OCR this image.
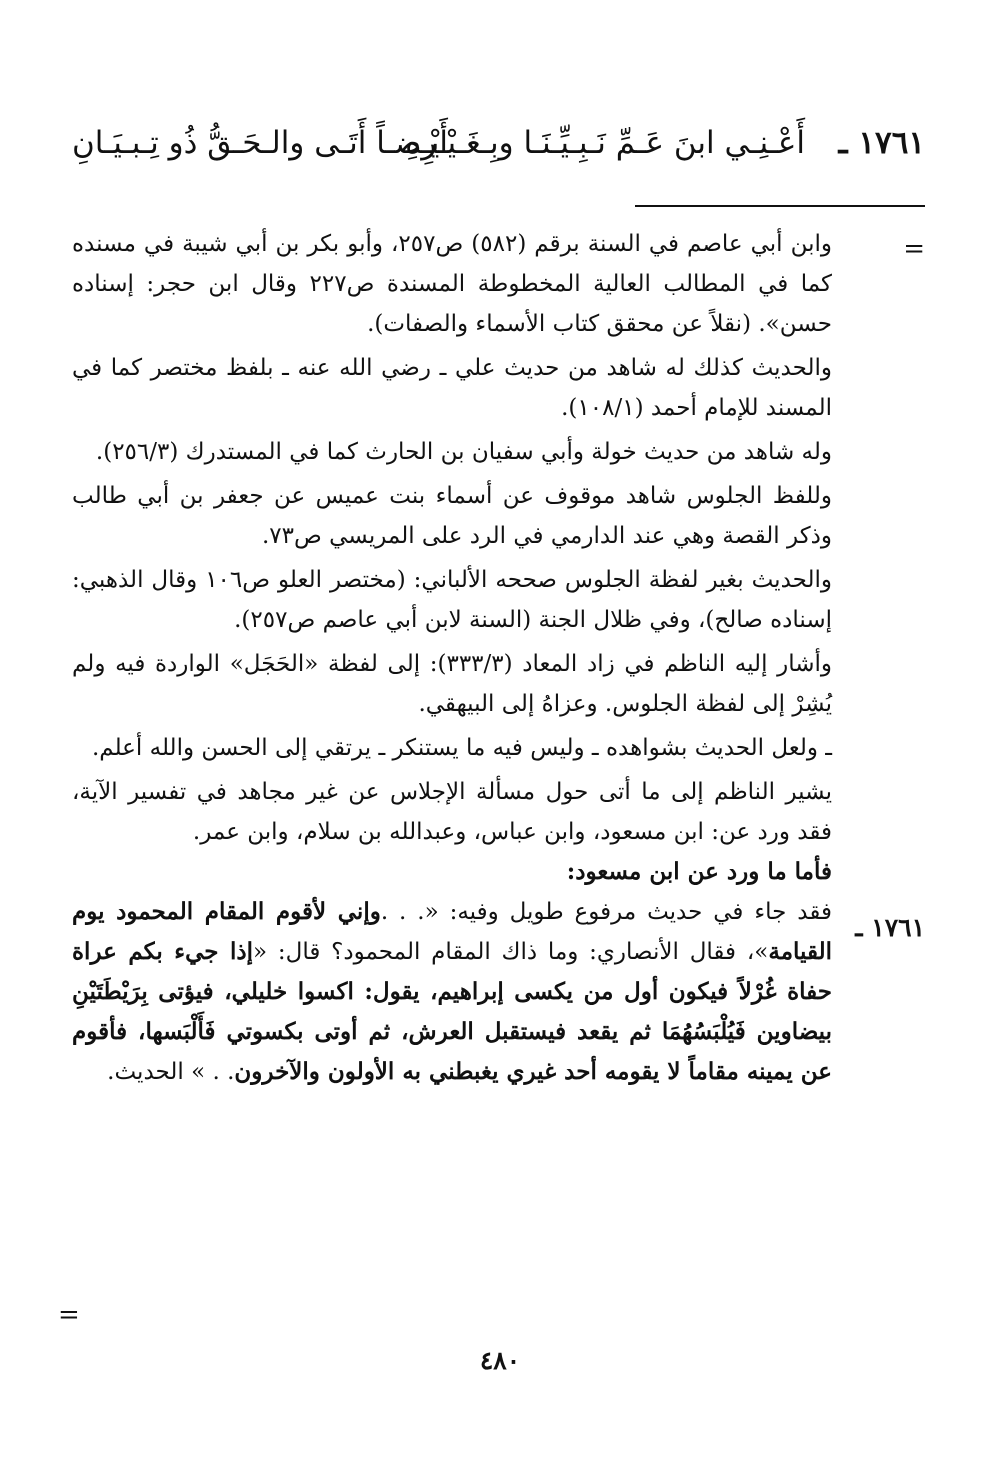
١٧٦١ ـ
أَعْـنِـي ابنَ عَـمِّ نَـبِـيِّـنَـا وبِـغَـيْـرِهِ
أَيْـضـاً أَتَـى والـحَـقُّ ذُو تِـبـيَـانِ
=

وابن أبي عاصم في السنة برقم (٥٨٢) ص٢٥٧، وأبو بكر بن أبي شيبة في مسنده كما في المطالب العالية المخطوطة المسندة ص٢٢٧ وقال ابن حجر: إسناده حسن». (نقلاً عن محقق كتاب الأسماء والصفات).

والحديث كذلك له شاهد من حديث علي ـ رضي الله عنه ـ بلفظ مختصر كما في المسند للإمام أحمد (١٠٨/١).

وله شاهد من حديث خولة وأبي سفيان بن الحارث كما في المستدرك (٢٥٦/٣).

وللفظ الجلوس شاهد موقوف عن أسماء بنت عميس عن جعفر بن أبي طالب وذكر القصة وهي عند الدارمي في الرد على المريسي ص٧٣.

والحديث بغير لفظة الجلوس صححه الألباني: (مختصر العلو ص١٠٦ وقال الذهبي: إسناده صالح)، وفي ظلال الجنة (السنة لابن أبي عاصم ص٢٥٧).

وأشار إليه الناظم في زاد المعاد (٣٣٣/٣): إلى لفظة «الحَجَل» الواردة فيه ولم يُشِرْ إلى لفظة الجلوس. وعزاهُ إلى البيهقي.

ـ ولعل الحديث بشواهده ـ وليس فيه ما يستنكر ـ يرتقي إلى الحسن والله أعلم.

يشير الناظم إلى ما أتى حول مسألة الإجلاس عن غير مجاهد في تفسير الآية، فقد ورد عن: ابن مسعود، وابن عباس، وعبدالله بن سلام، وابن عمر.

فأما ما ورد عن ابن مسعود:

فقد جاء في حديث مرفوع طويل وفيه: «. . .وإني لأقوم المقام المحمود يوم القيامة»، فقال الأنصاري: وما ذاك المقام المحمود؟ قال: «إذا جيء بكم عراة حفاة غُرْلاً فيكون أول من يكسى إبراهيم، يقول: اكسوا خليلي، فيؤتى بِرَيْطَتَيْنِ بيضاوين فَيُلْبَسُهُمَا ثم يقعد فيستقبل العرش، ثم أوتى بكسوتي فَأَلْبَسها، فأقوم عن يمينه مقاماً لا يقومه أحد غيري يغبطني به الأولون والآخرون. . » الحديث.

١٧٦١ ـ
=
٤٨٠
